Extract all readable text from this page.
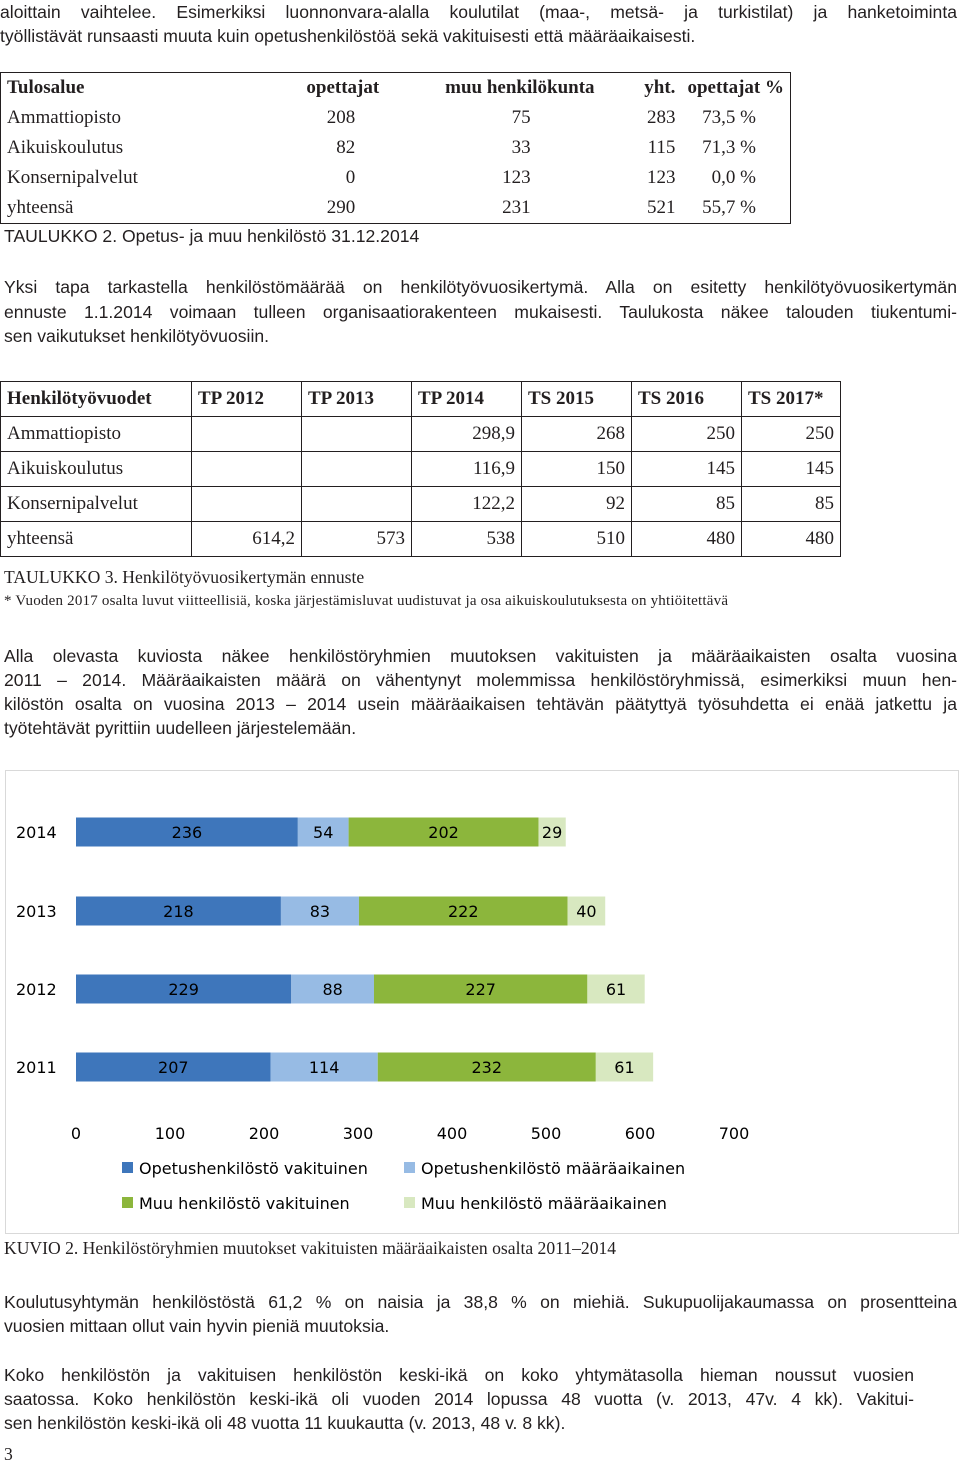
aloittain vaihtelee. Esimerkiksi luonnonvara-alalla koulutilat (maa-, metsä- ja turkistilat) ja hanketoiminta
työllistävät runsaasti muuta kuin opetushenkilöstöä sekä vakituisesti että määräaikaisesti.

Tulosalue	opettajat	muu henkilökunta	yht.	opettajat %
Ammattiopisto	208	75	283	73,5 %
Aikuiskoulutus	82	33	115	71,3 %
Konsernipalvelut	0	123	123	0,0 %
yhteensä	290	231	521	55,7 %
TAULUKKO 2. Opetus- ja muu henkilöstö 31.12.2014

Yksi tapa tarkastella henkilöstömäärää on henkilötyövuosikertymä. Alla on esitetty henkilötyövuosikertymän
ennuste 1.1.2014 voimaan tulleen organisaatiorakenteen mukaisesti. Taulukosta näkee talouden tiukentumi-
sen vaikutukset henkilötyövuosiin.

Henkilötyövuodet	TP 2012	TP 2013	TP 2014	TS 2015	TS 2016	TS 2017*
Ammattiopisto			298,9	268	250	250
Aikuiskoulutus			116,9	150	145	145
Konsernipalvelut			122,2	92	85	85
yhteensä	614,2	573	538	510	480	480
TAULUKKO 3. Henkilötyövuosikertymän ennuste
* Vuoden 2017 osalta luvut viitteellisiä, koska järjestämisluvat uudistuvat ja osa aikuiskoulutuksesta on yhtiöitettävä

Alla olevasta kuviosta näkee henkilöstöryhmien muutoksen vakituisten ja määräaikaisten osalta vuosina
2011 – 2014. Määräaikaisten määrä on vähentynyt molemmissa henkilöstöryhmissä, esimerkiksi muun hen-
kilöstön osalta on vuosina 2013 – 2014 usein määräaikaisen tehtävän päätyttyä työsuhdetta ei enää jatkettu ja
työtehtävät pyrittiin uudelleen järjestelemään.

2014	236	54	202	29
2013	218	83	222	40
2012	229	88	227	61
2011	207	114	232	61
0	100	200	300	400	500	600	700
Opetushenkilöstö vakituinen	Opetushenkilöstö määräaikainen
Muu henkilöstö vakituinen	Muu henkilöstö määräaikainen
KUVIO 2. Henkilöstöryhmien muutokset vakituisten määräaikaisten osalta 2011–2014

Koulutusyhtymän henkilöstöstä 61,2 % on naisia ja 38,8 % on miehiä. Sukupuolijakaumassa on prosentteina
vuosien mittaan ollut vain hyvin pieniä muutoksia.

Koko henkilöstön ja vakituisen henkilöstön keski-ikä on koko yhtymätasolla hieman noussut vuosien
saatossa. Koko henkilöstön keski-ikä oli vuoden 2014 lopussa 48 vuotta (v. 2013, 47v. 4 kk). Vakitui-
sen henkilöstön keski-ikä oli 48 vuotta 11 kuukautta (v. 2013, 48 v. 8 kk).

3
